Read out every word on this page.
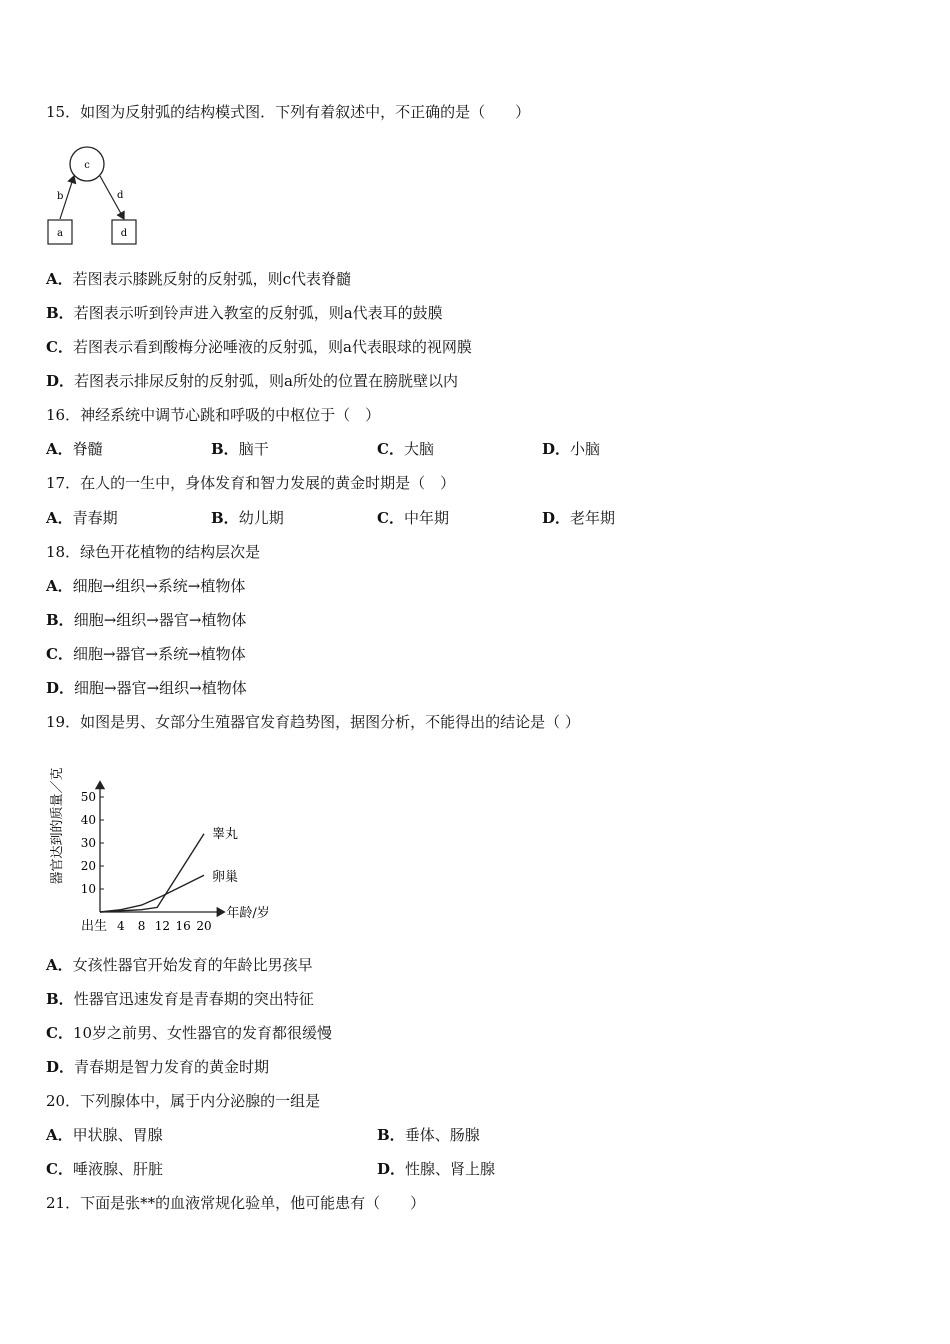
15．如图为反射弧的结构模式图．下列有着叙述中，不正确的是（　　）
c
b	d
a	d
A．若图表示膝跳反射的反射弧，则c代表脊髓
B．若图表示听到铃声进入教室的反射弧，则a代表耳的鼓膜
C．若图表示看到酸梅分泌唾液的反射弧，则a代表眼球的视网膜
D．若图表示排尿反射的反射弧，则a所处的位置在膀胱壁以内
16．神经系统中调节心跳和呼吸的中枢位于（　）
A．脊髓	B．脑干	C．大脑	D．小脑
17．在人的一生中，身体发育和智力发展的黄金时期是（　）
A．青春期	B．幼儿期	C．中年期	D．老年期
18．绿色开花植物的结构层次是
A．细胞→组织→系统→植物体
B．细胞→组织→器官→植物体
C．细胞→器官→系统→植物体
D．细胞→器官→组织→植物体
19．如图是男、女部分生殖器官发育趋势图，据图分析，不能得出的结论是（ ）
器官达到的质量／克
年龄/岁
出生 4 8 12 16 20
10
20
30
40
50
睾丸
卵巢
A．女孩性器官开始发育的年龄比男孩早
B．性器官迅速发育是青春期的突出特征
C．10岁之前男、女性器官的发育都很缓慢
D．青春期是智力发育的黄金时期
20．下列腺体中，属于内分泌腺的一组是
A．甲状腺、胃腺	B．垂体、肠腺
C．唾液腺、肝脏	D．性腺、肾上腺
21．下面是张**的血液常规化验单，他可能患有（　　）
